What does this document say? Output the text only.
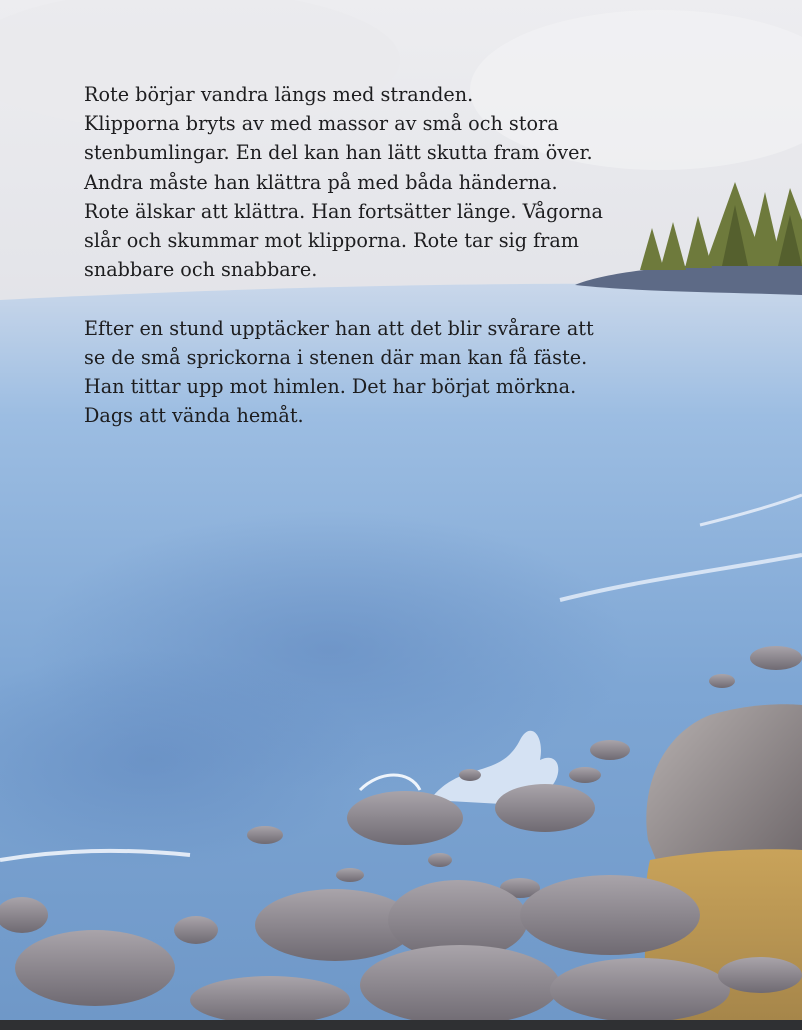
Rote börjar vandra längs med stranden.
Klipporna bryts av med massor av små och stora
stenbumlingar. En del kan han lätt skutta fram över.
Andra måste han klättra på med båda händerna.
Rote älskar att klättra. Han fortsätter länge. Vågorna
slår och skummar mot klipporna. Rote tar sig fram
snabbare och snabbare.

Efter en stund upptäcker han att det blir svårare att
se de små sprickorna i stenen där man kan få fäste.
Han tittar upp mot himlen. Det har börjat mörkna.
Dags att vända hemåt.
